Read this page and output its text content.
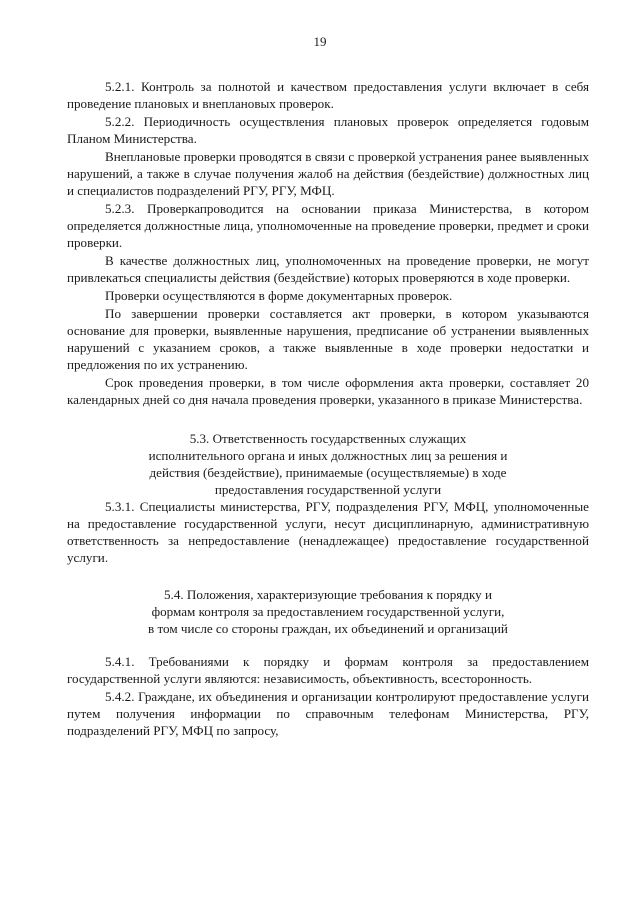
19

5.2.1. Контроль за полнотой и качеством предоставления услуги включает в себя проведение плановых и внеплановых проверок.

5.2.2. Периодичность осуществления плановых проверок определяется годовым Планом Министерства.

Внеплановые проверки проводятся в связи с проверкой устранения ранее выявленных нарушений, а также в случае получения жалоб на действия (бездействие) должностных лиц и специалистов подразделений РГУ, РГУ, МФЦ.

5.2.3. Проверкапроводится на основании приказа Министерства, в котором определяется должностные лица, уполномоченные на проведение проверки, предмет и сроки проверки.

В качестве должностных лиц, уполномоченных на проведение проверки, не могут привлекаться специалисты действия (бездействие) которых проверяются в ходе проверки.

Проверки осуществляются в форме документарных проверок.

По завершении проверки составляется акт проверки, в котором указываются основание для проверки, выявленные нарушения, предписание об устранении выявленных нарушений с указанием сроков, а также выявленные в ходе проверки недостатки и предложения по их устранению.

Срок проведения проверки, в том числе оформления акта проверки, составляет 20 календарных дней со дня начала проведения проверки, указанного в приказе Министерства.

5.3. Ответственность государственных служащих
исполнительного органа и иных должностных лиц за решения и
действия (бездействие), принимаемые (осуществляемые) в ходе
предоставления государственной услуги

5.3.1. Специалисты министерства, РГУ, подразделения РГУ, МФЦ, уполномоченные на предоставление государственной услуги, несут дисциплинарную, административную ответственность за непредоставление (ненадлежащее) предоставление государственной услуги.

5.4. Положения, характеризующие требования к порядку и
формам контроля за предоставлением государственной услуги,
в том числе со стороны граждан, их объединений и организаций

5.4.1. Требованиями к порядку и формам контроля за предоставлением государственной услуги являются: независимость, объективность, всесторонность.

5.4.2. Граждане, их объединения и организации контролируют предоставление услуги путем получения информации по справочным телефонам Министерства, РГУ, подразделений РГУ, МФЦ по запросу,
